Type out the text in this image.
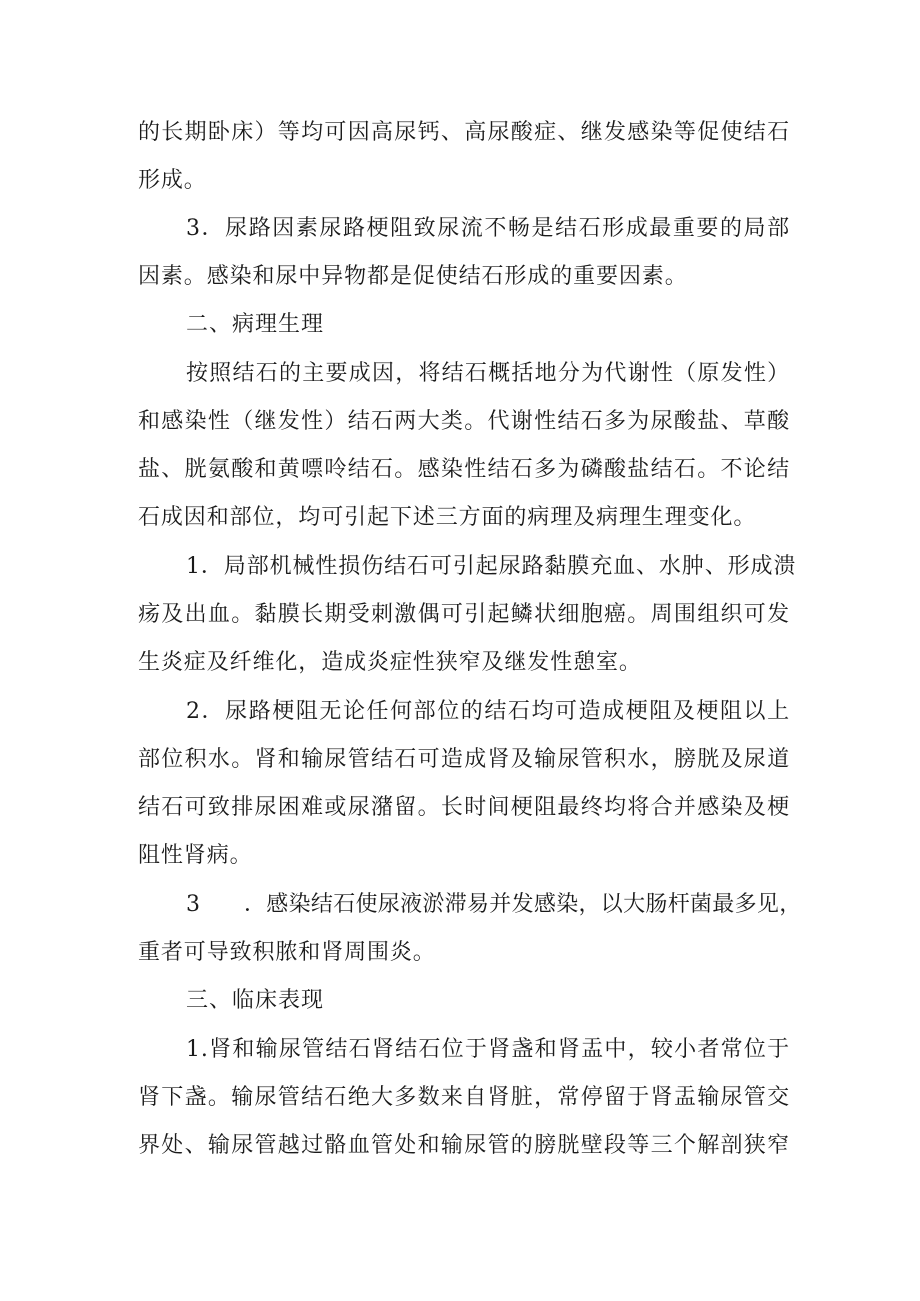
的长期卧床）等均可因高尿钙、高尿酸症、继发感染等促使结石
形成。
3．尿路因素尿路梗阻致尿流不畅是结石形成最重要的局部
因素。感染和尿中异物都是促使结石形成的重要因素。
二、病理生理
按照结石的主要成因，将结石概括地分为代谢性（原发性）
和感染性（继发性）结石两大类。代谢性结石多为尿酸盐、草酸
盐、胱氨酸和黄嘌呤结石。感染性结石多为磷酸盐结石。不论结
石成因和部位，均可引起下述三方面的病理及病理生理变化。
1．局部机械性损伤结石可引起尿路黏膜充血、水肿、形成溃
疡及出血。黏膜长期受刺激偶可引起鳞状细胞癌。周围组织可发
生炎症及纤维化，造成炎症性狭窄及继发性憩室。
2．尿路梗阻无论任何部位的结石均可造成梗阻及梗阻以上
部位积水。肾和输尿管结石可造成肾及输尿管积水，膀胱及尿道
结石可致排尿困难或尿潴留。长时间梗阻最终均将合并感染及梗
阻性肾病。
3 ．感染结石使尿液淤滞易并发感染，以大肠杆菌最多见，
重者可导致积脓和肾周围炎。
三、临床表现
1.肾和输尿管结石肾结石位于肾盏和肾盂中，较小者常位于
肾下盏。输尿管结石绝大多数来自肾脏，常停留于肾盂输尿管交
界处、输尿管越过骼血管处和输尿管的膀胱壁段等三个解剖狭窄
